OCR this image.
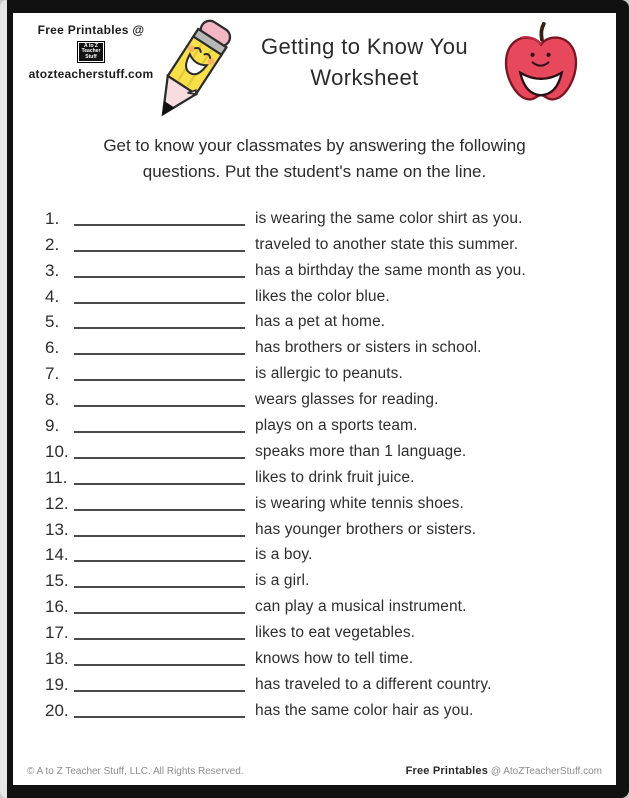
Free Printables @
A to Z
Teacher
Stuff
atozteacherstuff.com
Getting to Know You
Worksheet
Get to know your classmates by answering the following
questions. Put the student's name on the line.
1.	is wearing the same color shirt as you.
2.	traveled to another state this summer.
3.	has a birthday the same month as you.
4.	likes the color blue.
5.	has a pet at home.
6.	has brothers or sisters in school.
7.	is allergic to peanuts.
8.	wears glasses for reading.
9.	plays on a sports team.
10.	speaks more than 1 language.
11.	likes to drink fruit juice.
12.	is wearing white tennis shoes.
13.	has younger brothers or sisters.
14.	is a boy.
15.	is a girl.
16.	can play a musical instrument.
17.	likes to eat vegetables.
18.	knows how to tell time.
19.	has traveled to a different country.
20.	has the same color hair as you.
© A to Z Teacher Stuff, LLC. All Rights Reserved.	Free Printables @ AtoZTeacherStuff.com
